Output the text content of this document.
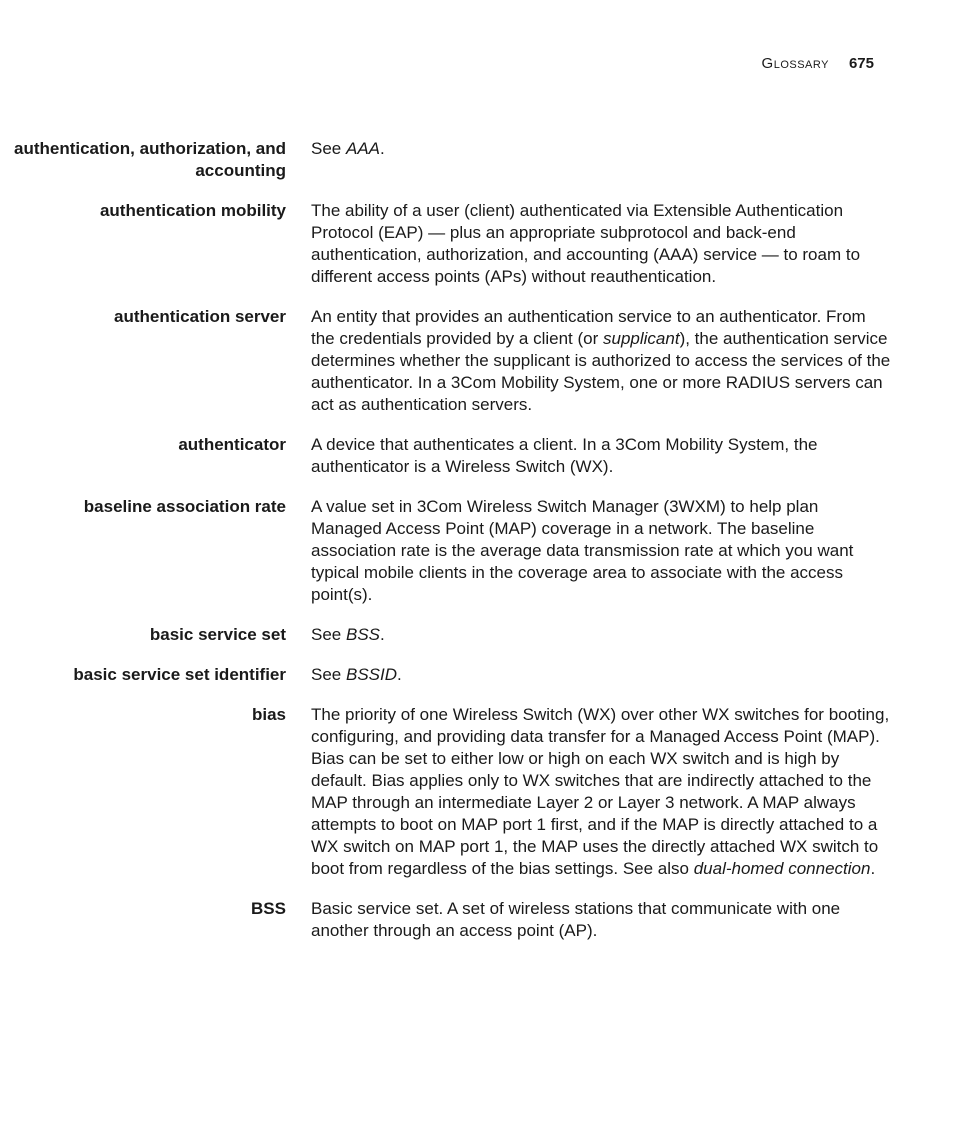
Glossary 675
authentication, authorization, and accounting
See AAA.
authentication mobility The ability of a user (client) authenticated via Extensible Authentication Protocol (EAP) — plus an appropriate subprotocol and back-end authentication, authorization, and accounting (AAA) service — to roam to different access points (APs) without reauthentication.
authentication server An entity that provides an authentication service to an authenticator. From the credentials provided by a client (or supplicant), the authentication service determines whether the supplicant is authorized to access the services of the authenticator. In a 3Com Mobility System, one or more RADIUS servers can act as authentication servers.
authenticator A device that authenticates a client. In a 3Com Mobility System, the authenticator is a Wireless Switch (WX).
baseline association rate A value set in 3Com Wireless Switch Manager (3WXM) to help plan Managed Access Point (MAP) coverage in a network. The baseline association rate is the average data transmission rate at which you want typical mobile clients in the coverage area to associate with the access point(s).
basic service set See BSS.
basic service set identifier See BSSID.
bias The priority of one Wireless Switch (WX) over other WX switches for booting, configuring, and providing data transfer for a Managed Access Point (MAP). Bias can be set to either low or high on each WX switch and is high by default. Bias applies only to WX switches that are indirectly attached to the MAP through an intermediate Layer 2 or Layer 3 network. A MAP always attempts to boot on MAP port 1 first, and if the MAP is directly attached to a WX switch on MAP port 1, the MAP uses the directly attached WX switch to boot from regardless of the bias settings. See also dual-homed connection.
BSS Basic service set. A set of wireless stations that communicate with one another through an access point (AP).
